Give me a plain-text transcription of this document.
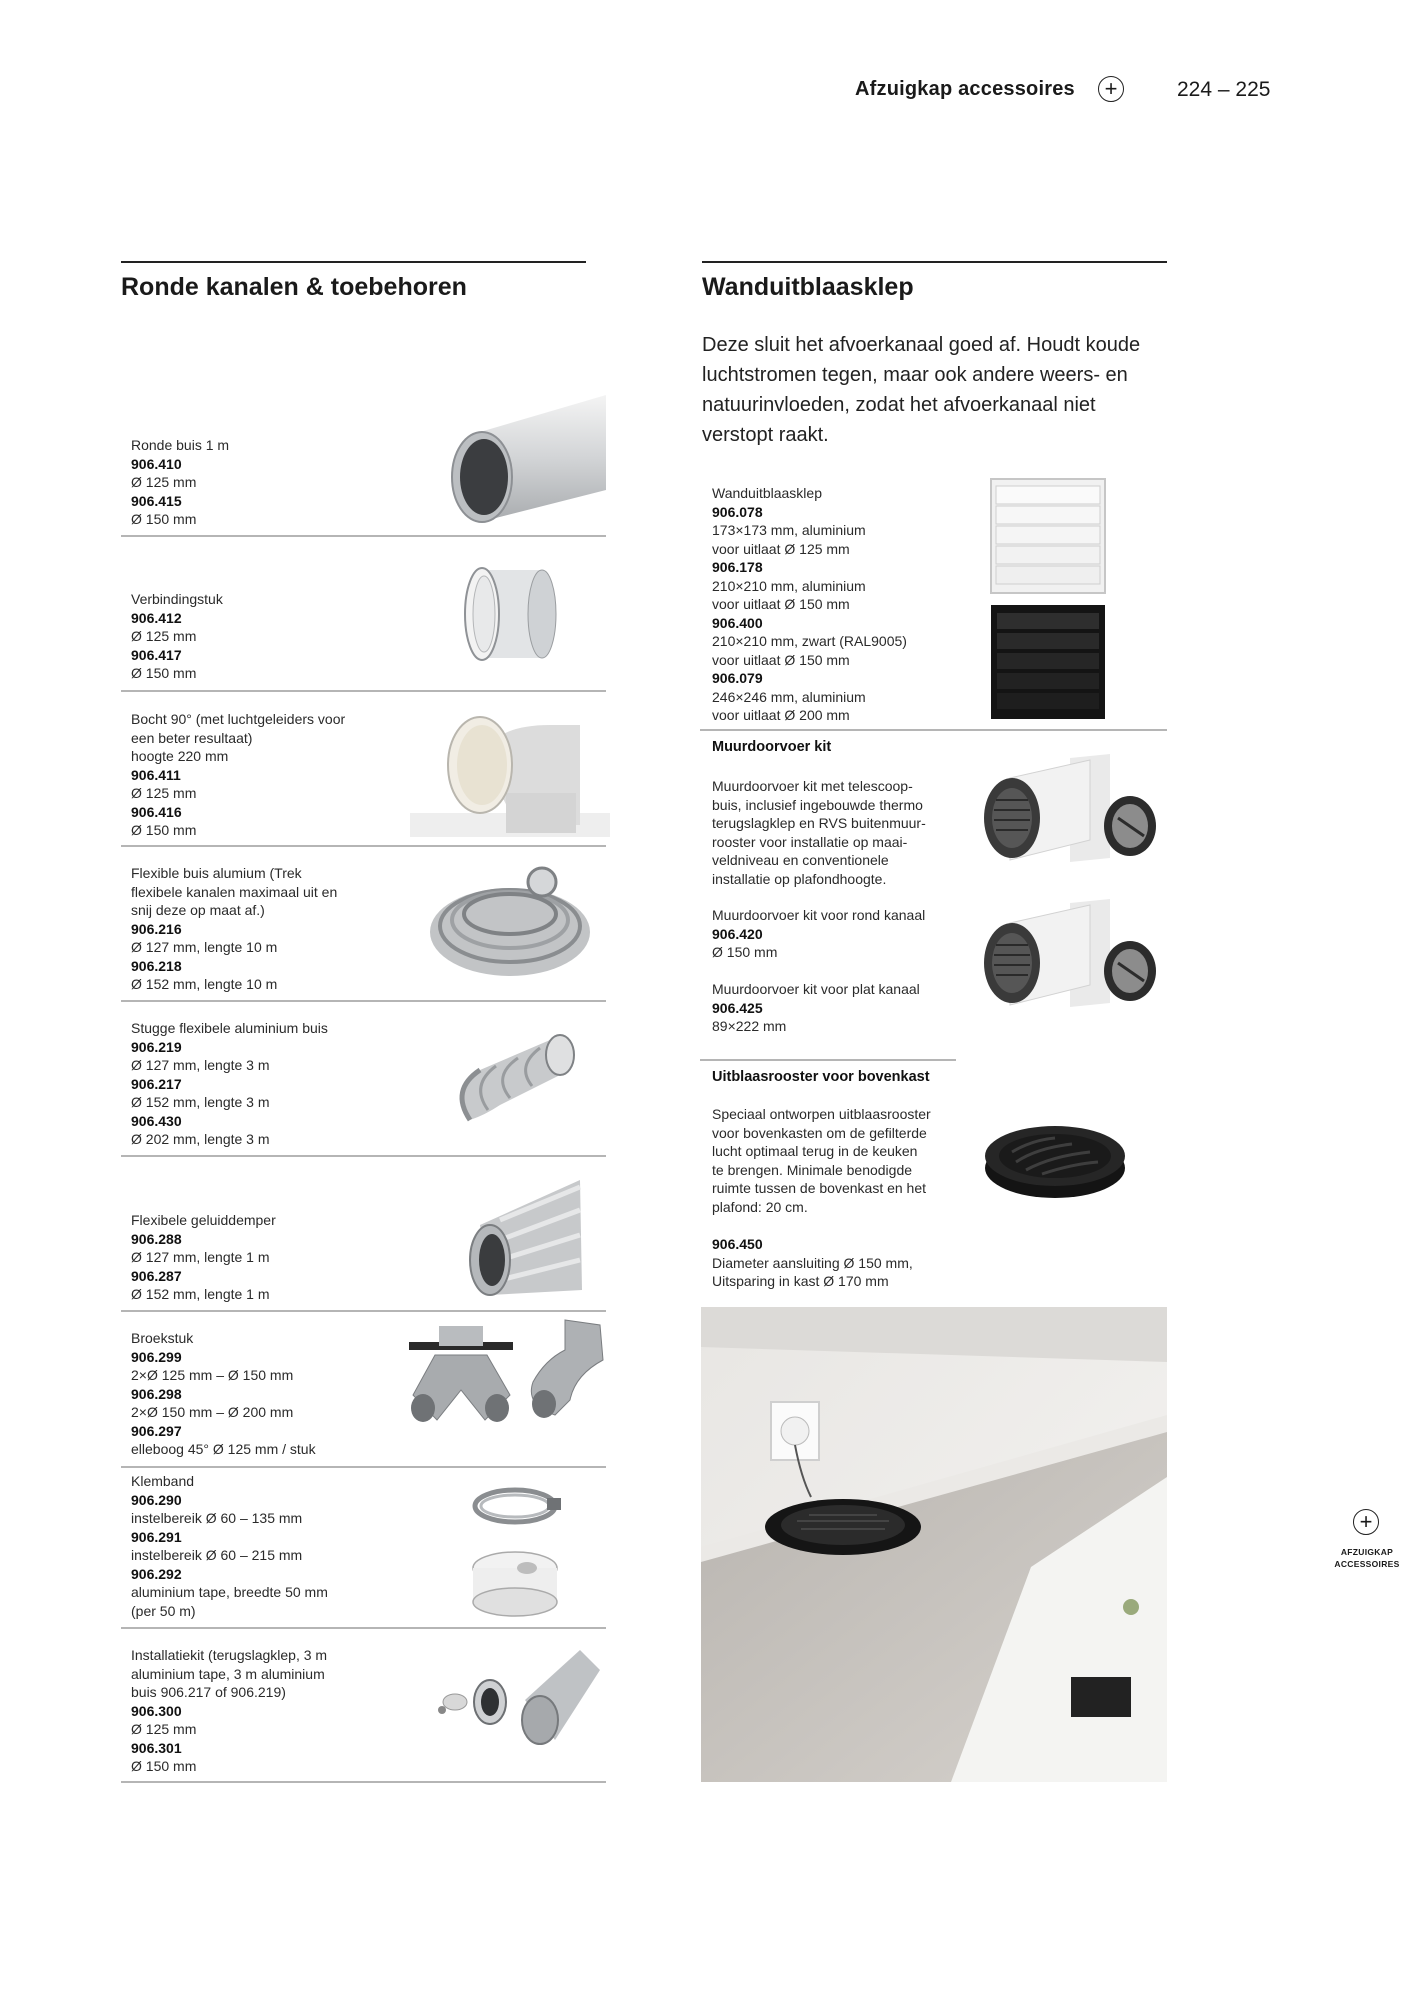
Afzuigkap accessoires +	224 – 225
Ronde kanalen & toebehoren	Wanduitblaasklep
Deze sluit het afvoerkanaal goed af. Houdt koude luchtstromen tegen, maar ook andere weers- en natuurinvloeden, zodat het afvoerkanaal niet verstopt raakt.
Ronde buis 1 m
906.410
Ø 125 mm
906.415
Ø 150 mm
Verbindingstuk
906.412
Ø 125 mm
906.417
Ø 150 mm
Bocht 90° (met luchtgeleiders voor
een beter resultaat)
hoogte 220 mm
906.411
Ø 125 mm
906.416
Ø 150 mm
Flexible buis alumium (Trek
flexibele kanalen maximaal uit en
snij deze op maat af.)
906.216
Ø 127 mm, lengte 10 m
906.218
Ø 152 mm, lengte 10 m
Stugge flexibele aluminium buis
906.219
Ø 127 mm, lengte 3 m
906.217
Ø 152 mm, lengte 3 m
906.430
Ø 202 mm, lengte 3 m
Flexibele geluiddemper
906.288
Ø 127 mm, lengte 1 m
906.287
Ø 152 mm, lengte 1 m
Broekstuk
906.299
2×Ø 125 mm – Ø 150 mm
906.298
2×Ø 150 mm – Ø 200 mm
906.297
elleboog 45° Ø 125 mm / stuk
Klemband
906.290
instelbereik Ø 60 – 135 mm
906.291
instelbereik Ø 60 – 215 mm
906.292
aluminium tape, breedte 50 mm
(per 50 m)
Installatiekit (terugslagklep, 3 m
aluminium tape, 3 m aluminium
buis 906.217 of 906.219)
906.300
Ø 125 mm
906.301
Ø 150 mm
Wanduitblaasklep
906.078
173×173 mm, aluminium
voor uitlaat Ø 125 mm
906.178
210×210 mm, aluminium
voor uitlaat Ø 150 mm
906.400
210×210 mm, zwart (RAL9005)
voor uitlaat Ø 150 mm
906.079
246×246 mm, aluminium
voor uitlaat Ø 200 mm
Muurdoorvoer kit
Muurdoorvoer kit met telescoop-
buis, inclusief ingebouwde thermo
terugslagklep en RVS buitenmuur-
rooster voor installatie op maai-
veldniveau en conventionele
installatie op plafondhoogte.
Muurdoorvoer kit voor rond kanaal
906.420
Ø 150 mm
Muurdoorvoer kit voor plat kanaal
906.425
89×222 mm
Uitblaasrooster voor bovenkast
Speciaal ontworpen uitblaasrooster
voor bovenkasten om de gefilterde
lucht optimaal terug in de keuken
te brengen. Minimale benodigde
ruimte tussen de bovenkast en het
plafond: 20 cm.
906.450
Diameter aansluiting Ø 150 mm,
Uitsparing in kast Ø 170 mm
+
AFZUIGKAP
ACCESSOIRES
